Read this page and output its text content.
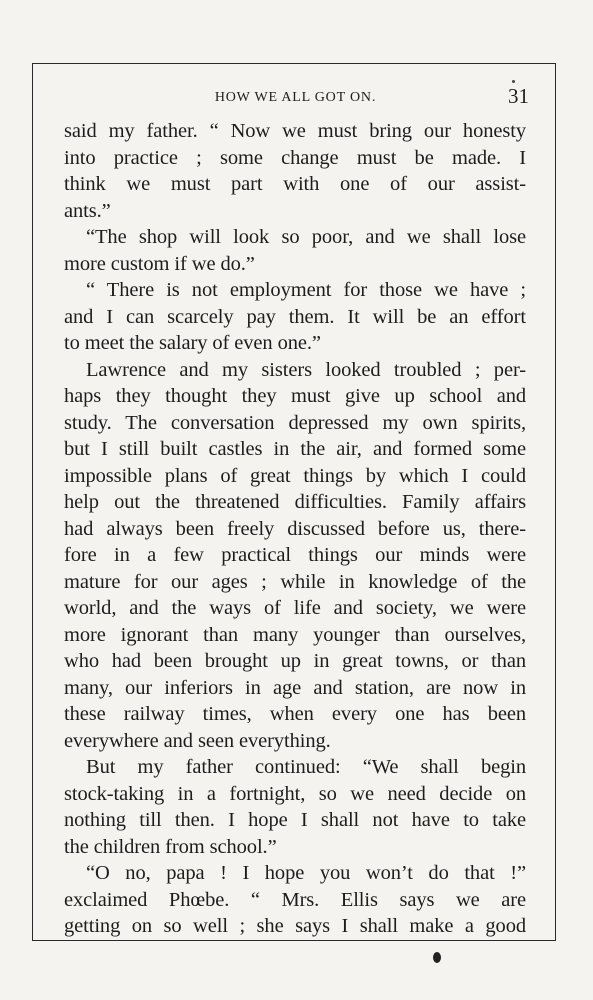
HOW WE ALL GOT ON.	31
said my father. “ Now we must bring our honesty
into practice ; some change must be made. I
think we must part with one of our assist-
ants.”
“The shop will look so poor, and we shall lose
more custom if we do.”
“ There is not employment for those we have ;
and I can scarcely pay them. It will be an effort
to meet the salary of even one.”
Lawrence and my sisters looked troubled ; per-
haps they thought they must give up school and
study. The conversation depressed my own spirits,
but I still built castles in the air, and formed some
impossible plans of great things by which I could
help out the threatened difficulties. Family affairs
had always been freely discussed before us, there-
fore in a few practical things our minds were
mature for our ages ; while in knowledge of the
world, and the ways of life and society, we were
more ignorant than many younger than ourselves,
who had been brought up in great towns, or than
many, our inferiors in age and station, are now in
these railway times, when every one has been
everywhere and seen everything.
But my father continued: “We shall begin
stock-taking in a fortnight, so we need decide on
nothing till then. I hope I shall not have to take
the children from school.”
“O no, papa ! I hope you won’t do that !”
exclaimed Phœbe. “ Mrs. Ellis says we are
getting on so well ; she says I shall make a good
